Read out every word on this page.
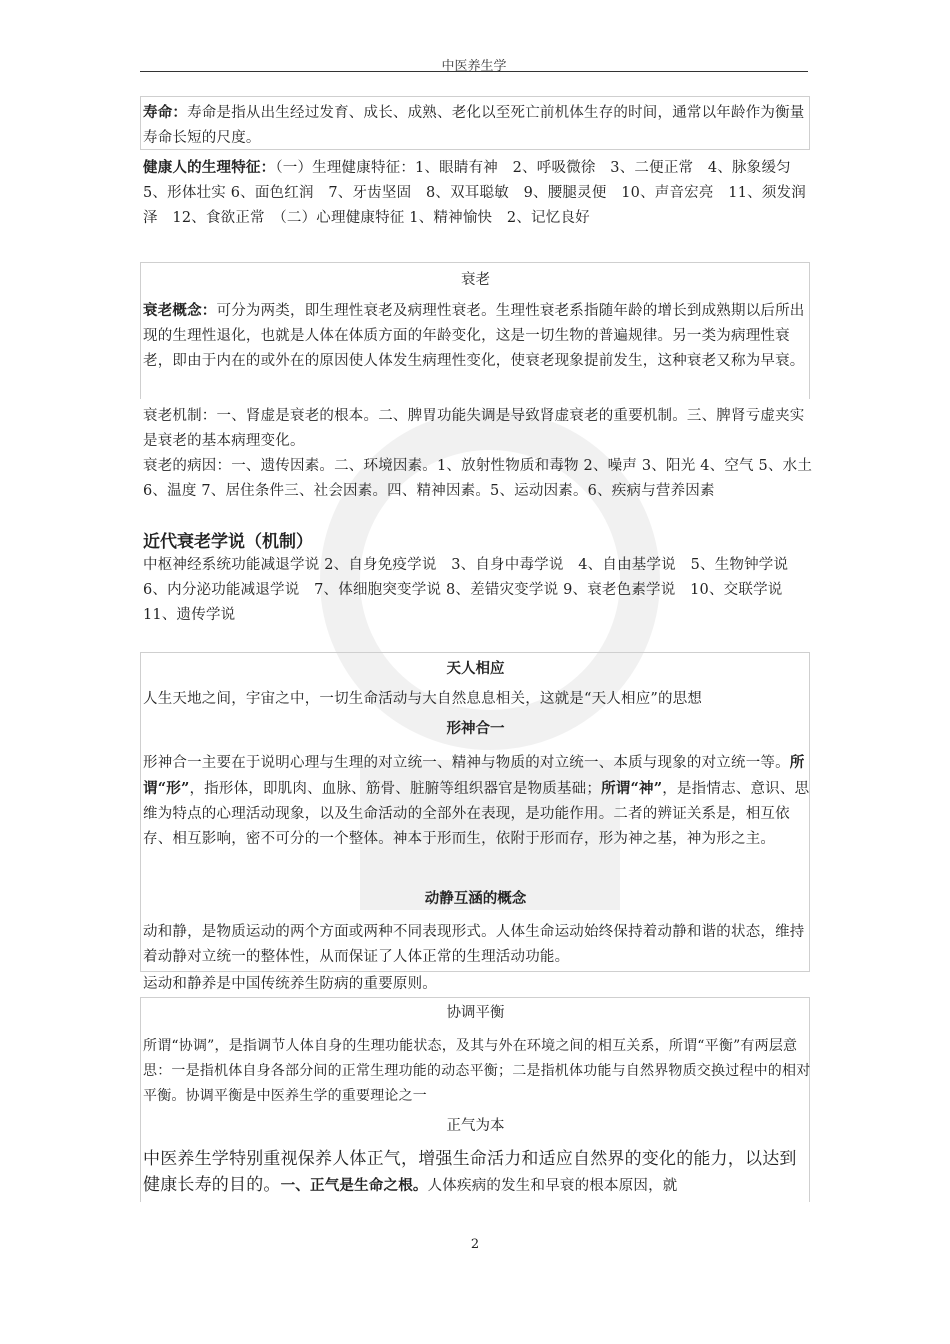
中医养生学
寿命：寿命是指从出生经过发育、成长、成熟、老化以至死亡前机体生存的时间，通常以年龄作为衡量寿命长短的尺度。
健康人的生理特征：（一）生理健康特征：1、眼睛有神　2、呼吸微徐　3、二便正常　4、脉象缓匀 5、形体壮实 6、面色红润　7、牙齿坚固　8、双耳聪敏　9、腰腿灵便　10、声音宏亮　11、须发润泽　12、食欲正常　（二）心理健康特征 1、精神愉快　2、记忆良好
衰老
衰老概念：可分为两类，即生理性衰老及病理性衰老。生理性衰老系指随年龄的增长到成熟期以后所出现的生理性退化，也就是人体在体质方面的年龄变化，这是一切生物的普遍规律。另一类为病理性衰老，即由于内在的或外在的原因使人体发生病理性变化，使衰老现象提前发生，这种衰老又称为早衰。
衰老机制：一、肾虚是衰老的根本。二、脾胃功能失调是导致肾虚衰老的重要机制。三、脾肾亏虚夹实是衰老的基本病理变化。
衰老的病因：一、遗传因素。二、环境因素。1、放射性物质和毒物 2、噪声 3、阳光 4、空气 5、水土 6、温度 7、居住条件三、社会因素。四、精神因素。5、运动因素。6、疾病与营养因素
近代衰老学说（机制）
中枢神经系统功能减退学说 2、自身免疫学说　3、自身中毒学说　4、自由基学说　5、生物钟学说　6、内分泌功能减退学说　7、体细胞突变学说 8、差错灾变学说 9、衰老色素学说　10、交联学说 11、遗传学说
天人相应
人生天地之间，宇宙之中，一切生命活动与大自然息息相关，这就是“天人相应”的思想
形神合一
形神合一主要在于说明心理与生理的对立统一、精神与物质的对立统一、本质与现象的对立统一等。所谓“形”，指形体，即肌肉、血脉、筋骨、脏腑等组织器官是物质基础；所谓“神”，是指情志、意识、思维为特点的心理活动现象，以及生命活动的全部外在表现，是功能作用。二者的辨证关系是，相互依存、相互影响，密不可分的一个整体。神本于形而生，依附于形而存，形为神之基，神为形之主。
动静互涵的概念
动和静，是物质运动的两个方面或两种不同表现形式。人体生命运动始终保持着动静和谐的状态，维持着动静对立统一的整体性，从而保证了人体正常的生理活动功能。
运动和静养是中国传统养生防病的重要原则。
协调平衡
所谓“协调”，是指调节人体自身的生理功能状态，及其与外在环境之间的相互关系，所谓“平衡”有两层意思：一是指机体自身各部分间的正常生理功能的动态平衡；二是指机体功能与自然界物质交换过程中的相对平衡。协调平衡是中医养生学的重要理论之一
正气为本
中医养生学特别重视保养人体正气，增强生命活力和适应自然界的变化的能力，以达到健康长寿的目的。一、正气是生命之根。人体疾病的发生和早衰的根本原因，就
2
